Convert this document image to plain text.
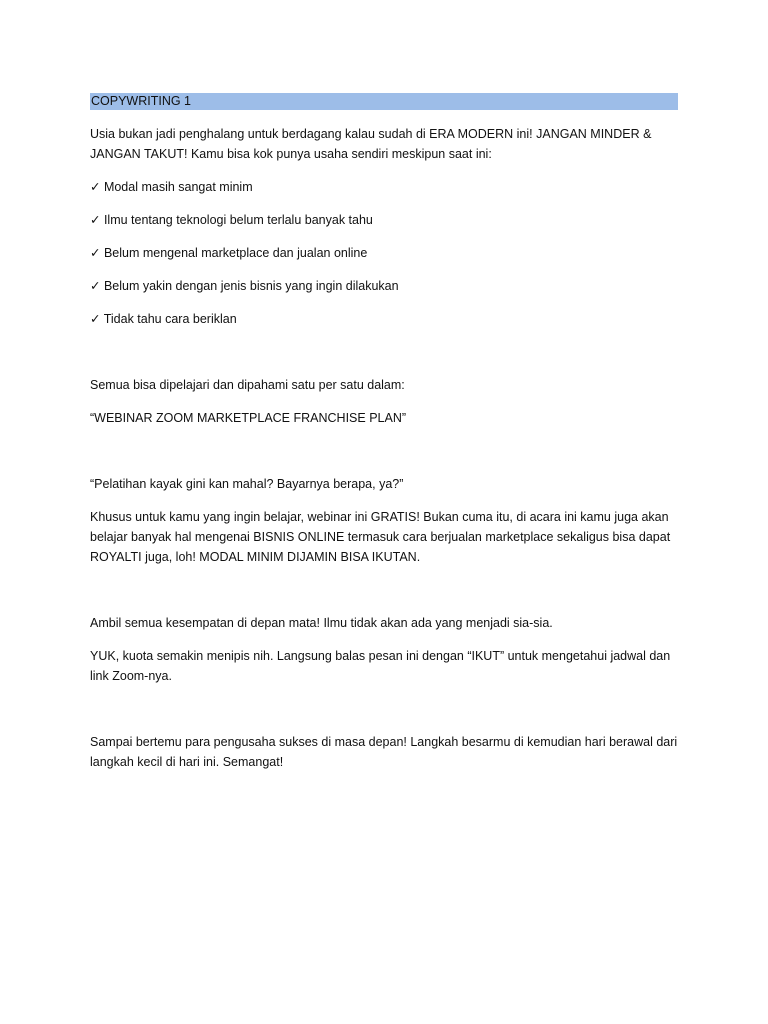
COPYWRITING 1

Usia bukan jadi penghalang untuk berdagang kalau sudah di ERA MODERN ini! JANGAN MINDER & JANGAN TAKUT! Kamu bisa kok punya usaha sendiri meskipun saat ini:

✓ Modal masih sangat minim

✓ Ilmu tentang teknologi belum terlalu banyak tahu

✓ Belum mengenal marketplace dan jualan online

✓ Belum yakin dengan jenis bisnis yang ingin dilakukan

✓ Tidak tahu cara beriklan

Semua bisa dipelajari dan dipahami satu per satu dalam:

“WEBINAR ZOOM MARKETPLACE FRANCHISE PLAN”

“Pelatihan kayak gini kan mahal? Bayarnya berapa, ya?”

Khusus untuk kamu yang ingin belajar, webinar ini GRATIS! Bukan cuma itu, di acara ini kamu juga akan belajar banyak hal mengenai BISNIS ONLINE termasuk cara berjualan marketplace sekaligus bisa dapat ROYALTI juga, loh! MODAL MINIM DIJAMIN BISA IKUTAN.

Ambil semua kesempatan di depan mata! Ilmu tidak akan ada yang menjadi sia-sia.

YUK, kuota semakin menipis nih. Langsung balas pesan ini dengan “IKUT” untuk mengetahui jadwal dan link Zoom-nya.

Sampai bertemu para pengusaha sukses di masa depan! Langkah besarmu di kemudian hari berawal dari langkah kecil di hari ini. Semangat!
